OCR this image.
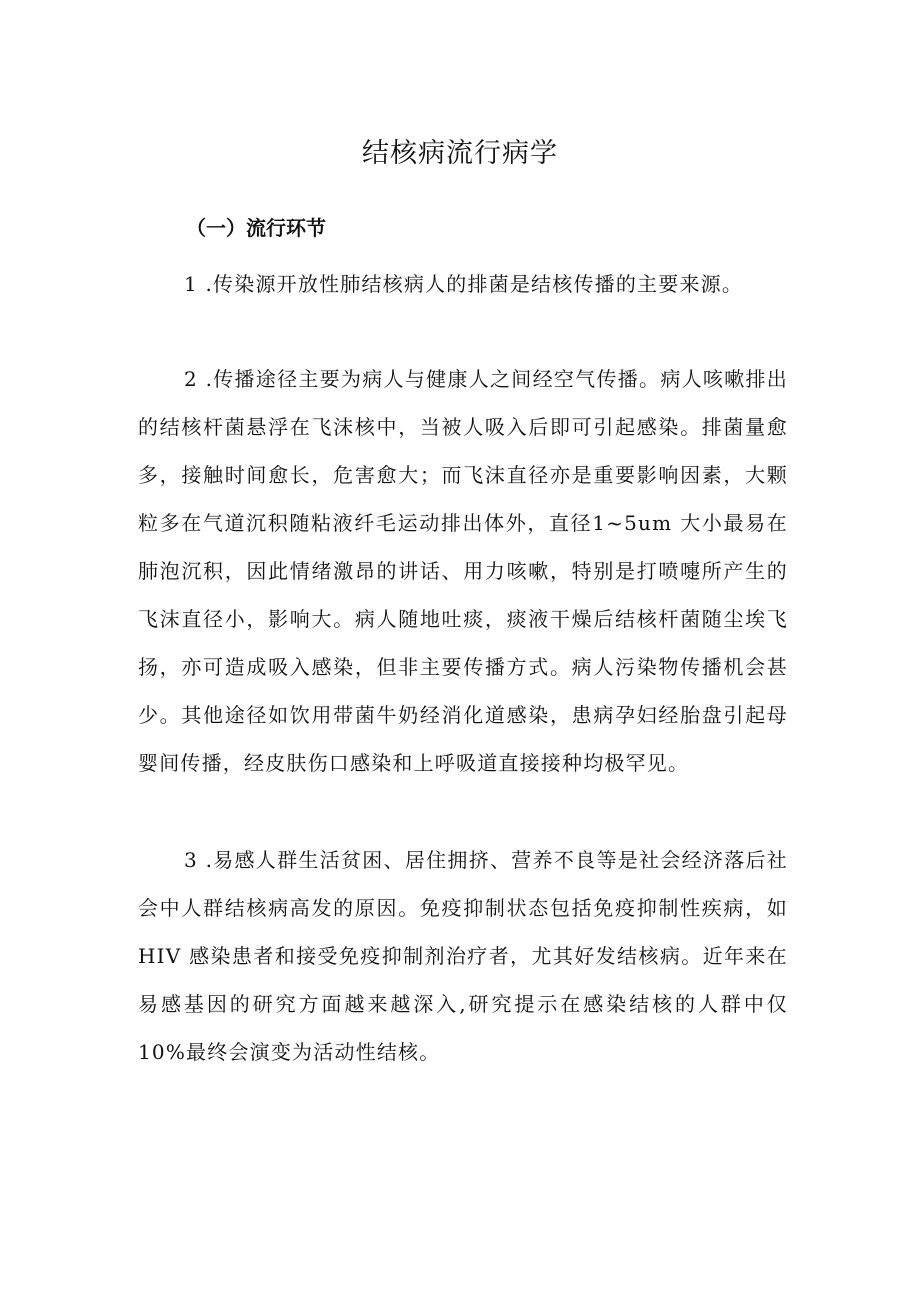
结核病流行病学
（一）流行环节

1 .传染源开放性肺结核病人的排菌是结核传播的主要来源。

2 .传播途径主要为病人与健康人之间经空气传播。病人咳嗽排出的结核杆菌悬浮在飞沫核中，当被人吸入后即可引起感染。排菌量愈多，接触时间愈长，危害愈大；而飞沫直径亦是重要影响因素，大颗粒多在气道沉积随粘液纤毛运动排出体外，直径1~5um 大小最易在肺泡沉积，因此情绪激昂的讲话、用力咳嗽，特别是打喷嚏所产生的飞沫直径小，影响大。病人随地吐痰，痰液干燥后结核杆菌随尘埃飞扬，亦可造成吸入感染，但非主要传播方式。病人污染物传播机会甚少。其他途径如饮用带菌牛奶经消化道感染，患病孕妇经胎盘引起母婴间传播，经皮肤伤口感染和上呼吸道直接接种均极罕见。

3 .易感人群生活贫困、居住拥挤、营养不良等是社会经济落后社会中人群结核病高发的原因。免疫抑制状态包括免疫抑制性疾病，如 HIV 感染患者和接受免疫抑制剂治疗者，尤其好发结核病。近年来在易感基因的研究方面越来越深入,研究提示在感染结核的人群中仅 10%最终会演变为活动性结核。
